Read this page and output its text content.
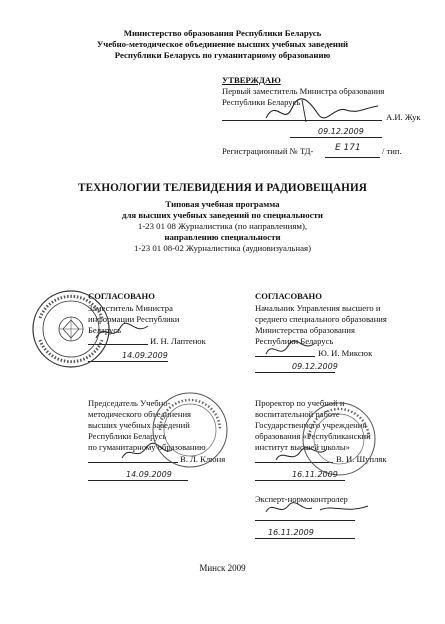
Министерство образования Республики Беларусь
Учебно-методическое объединение высших учебных заведений
Республики Беларусь по гуманитарному образованию
УТВЕРЖДАЮ
Первый заместитель Министра образования
Республики Беларусь
А.И. Жук
09.12.2009
Регистрационный № ТД- Е 171 / тип.
ТЕХНОЛОГИИ ТЕЛЕВИДЕНИЯ И РАДИОВЕЩАНИЯ
Типовая учебная программа
для высших учебных заведений по специальности
1-23 01 08 Журналистика (по направлениям),
направлению специальности
1-23 01 08-02 Журналистика (аудиовизуальная)
СОГЛАСОВАНО
Заместитель Министра
информации Республики
Беларусь
И. Н. Лаптенок
14.09.2009
СОГЛАСОВАНО
Начальник Управления высшего и
среднего специального образования
Министерства образования
Республики Беларусь
Ю. И. Миксюк
09.12.2009
Председатель Учебно-
методического объединения
высших учебных заведений
Республики Беларусь
по гуманитарному образованию
В. Л. Клюня
14.09.2009
Проректор по учебной и
воспитательной работе
Государственного учреждения
образования «Республиканский
институт высшей школы»
В. И. Шупляк
16.11.2009
Эксперт-нормоконтролер
16.11.2009
Минск 2009
